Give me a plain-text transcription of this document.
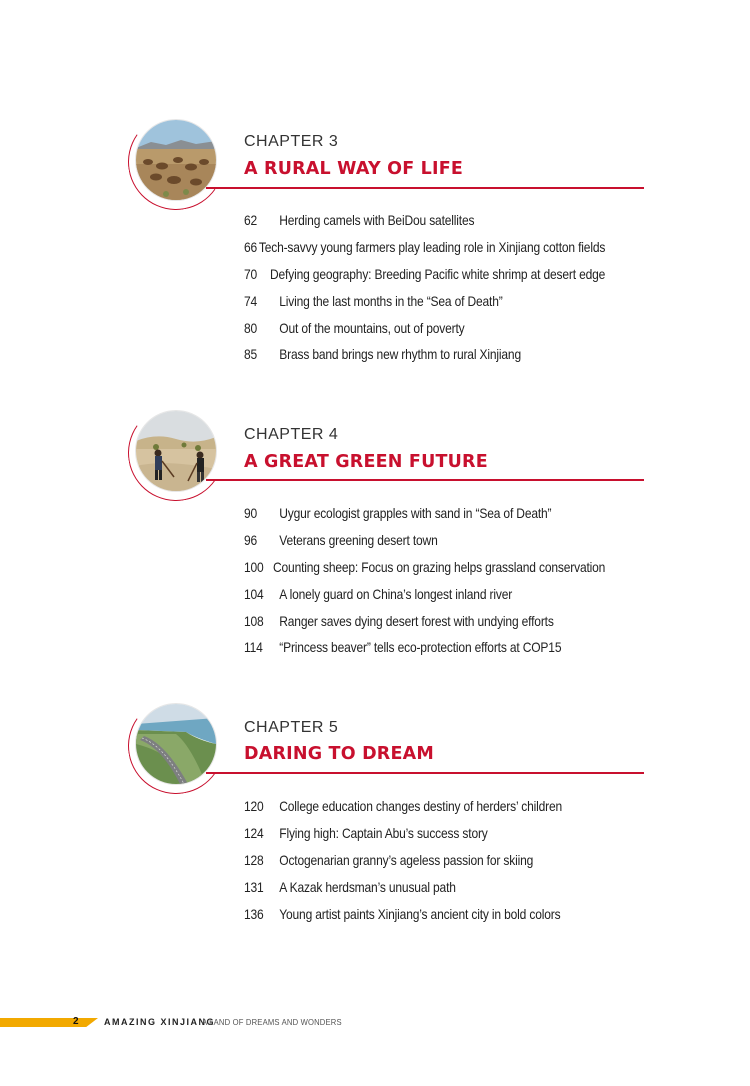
CHAPTER 3
A RURAL WAY OF LIFE
62	Herding camels with BeiDou satellites
66 Tech-savvy young farmers play leading role in Xinjiang cotton fields
70 Defying geography: Breeding Pacific white shrimp at desert edge
74	Living the last months in the “Sea of Death”
80	Out of the mountains, out of poverty
85	Brass band brings new rhythm to rural Xinjiang
CHAPTER 4
A GREAT GREEN FUTURE
90	Uygur ecologist grapples with sand in “Sea of Death”
96	Veterans greening desert town
100 Counting sheep: Focus on grazing helps grassland conservation
104	A lonely guard on China’s longest inland river
108	Ranger saves dying desert forest with undying efforts
114	“Princess beaver” tells eco-protection efforts at COP15
CHAPTER 5
DARING TO DREAM
120	College education changes destiny of herders’ children
124	Flying high: Captain Abu’s success story
128	Octogenarian granny’s ageless passion for skiing
131	A Kazak herdsman’s unusual path
136	Young artist paints Xinjiang’s ancient city in bold colors
2	AMAZING XINJIANG
A LAND OF DREAMS AND WONDERS
